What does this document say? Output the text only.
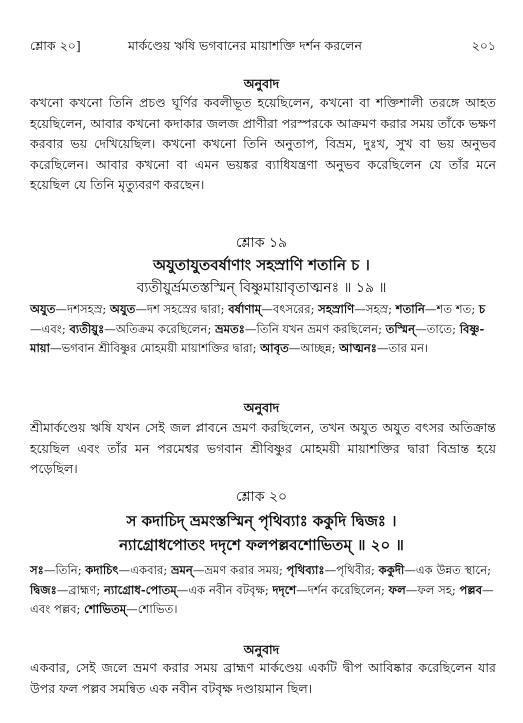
শ্লোক ২০]	মার্কণ্ডেয় ঋষি ভগবানের মায়াশক্তি দর্শন করলেন	২০১
অনুবাদ
কখনো কখনো তিনি প্রচণ্ড ঘূর্ণির কবলীভূত হয়েছিলেন, কখনো বা শক্তিশালী তরঙ্গে আহত হয়েছিলেন, আবার কখনো কদাকার জলজ প্রাণীরা পরস্পরকে আক্রমণ করার সময় তাঁকে ভক্ষণ করবার ভয় দেখিয়েছিল। কখনো কখনো তিনি অনুতাপ, বিভ্রম, দুঃখ, সুখ বা ভয় অনুভব করেছিলেন। আবার কখনো বা এমন ভয়ঙ্কর ব্যাধিযন্ত্রণা অনুভব করেছিলেন যে তাঁর মনে হয়েছিল যে তিনি মৃত্যুবরণ করছেন।
শ্লোক ১৯
অযুতাযুতবর্ষাণাং সহস্রাণি শতানি চ ।
ব্যতীয়ুর্ভ্রমতস্তস্মিন্ বিষ্ণুমায়াবৃতাত্মনঃ ॥ ১৯ ॥
অযুত—দশসহস্র; অযুত—দশ সহস্রের দ্বারা; বর্ষাণাম্—বৎসরের; সহস্রাণি—সহস্র; শতানি—শত শত; চ—এবং; ব্যতীয়ুঃ—অতিক্রম করেছিলেন; ভ্রমতঃ—তিনি যখন ভ্রমণ করছিলেন; তস্মিন্—তাতে; বিষ্ণু-মায়া—ভগবান শ্রীবিষ্ণুর মোহময়ী মায়াশক্তির দ্বারা; আবৃত—আচ্ছন্ন; আত্মনঃ—তার মন।
অনুবাদ
শ্রীমার্কণ্ডেয় ঋষি যখন সেই জল প্লাবনে ভ্রমণ করছিলেন, তখন অযুত অযুত বৎসর অতিক্রান্ত হয়েছিল এবং তাঁর মন পরমেশ্বর ভগবান শ্রীবিষ্ণুর মোহময়ী মায়াশক্তির দ্বারা বিভ্রান্ত হয়ে পড়েছিল।
শ্লোক ২০
স কদাচিদ্ ভ্রমংস্তস্মিন্ পৃথিব্যাঃ ককুদি দ্বিজঃ ।
ন্যাগ্রোধপোতং দদৃশে ফলপল্লবশোভিতম্ ॥ ২০ ॥
সঃ—তিনি; কদাচিৎ—একবার; ভ্রমন্—ভ্রমণ করার সময়; পৃথিব্যাঃ—পৃথিবীর; ককুদী—এক উন্নত স্থানে; দ্বিজঃ—ব্রাহ্মণ; ন্যাগ্রোধ-পোতম্—এক নবীন বটবৃক্ষ; দদৃশে—দর্শন করেছিলেন; ফল—ফল সহ; পল্লব—এবং পল্লব; শোভিতম্—শোভিত।
অনুবাদ
একবার, সেই জলে ভ্রমণ করার সময় ব্রাহ্মণ মার্কণ্ডেয় একটি দ্বীপ আবিষ্কার করেছিলেন যার উপর ফল পল্লব সমন্বিত এক নবীন বটবৃক্ষ দণ্ডায়মান ছিল।
